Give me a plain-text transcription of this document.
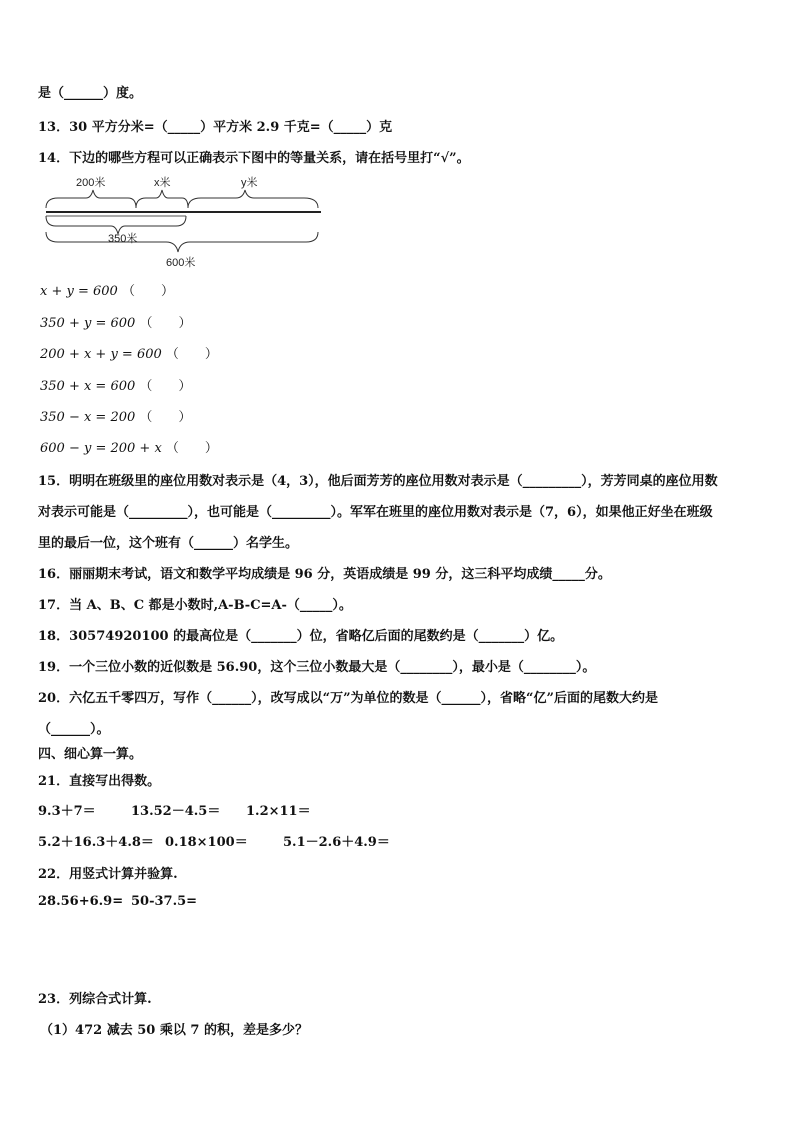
是（______）度。
13．30 平方分米=（_____）平方米 2.9 千克=（_____）克
14．下边的哪些方程可以正确表示下图中的等量关系，请在括号里打“√”。
200米	x米	y米
350米
600米
x + y = 600 （　　）
350 + y = 600 （　　）
200 + x + y = 600 （　　）
350 + x = 600 （　　）
350 − x = 200 （　　）
600 − y = 200 + x （　　）
15．明明在班级里的座位用数对表示是（4，3），他后面芳芳的座位用数对表示是（_________），芳芳同桌的座位用数
对表示可能是（_________），也可能是（_________）。军军在班里的座位用数对表示是（7，6），如果他正好坐在班级
里的最后一位，这个班有（______）名学生。
16．丽丽期末考试，语文和数学平均成绩是 96 分，英语成绩是 99 分，这三科平均成绩_____分。
17．当 A、B、C 都是小数时,A-B-C=A-（_____）。
18．30574920100 的最高位是（_______）位，省略亿后面的尾数约是（_______）亿。
19．一个三位小数的近似数是 56.90，这个三位小数最大是（________），最小是（________）。
20．六亿五千零四万，写作（______），改写成以“万”为单位的数是（______），省略“亿”后面的尾数大约是
（______）。
四、细心算一算。
21．直接写出得数。
9.3＋7＝	13.52－4.5＝ 1.2×11＝
5.2＋16.3＋4.8＝ 0.18×100＝	5.1－2.6＋4.9＝
22．用竖式计算并验算.
28.56+6.9= 50-37.5=
23．列综合式计算.
（1）472 减去 50 乘以 7 的积，差是多少？
